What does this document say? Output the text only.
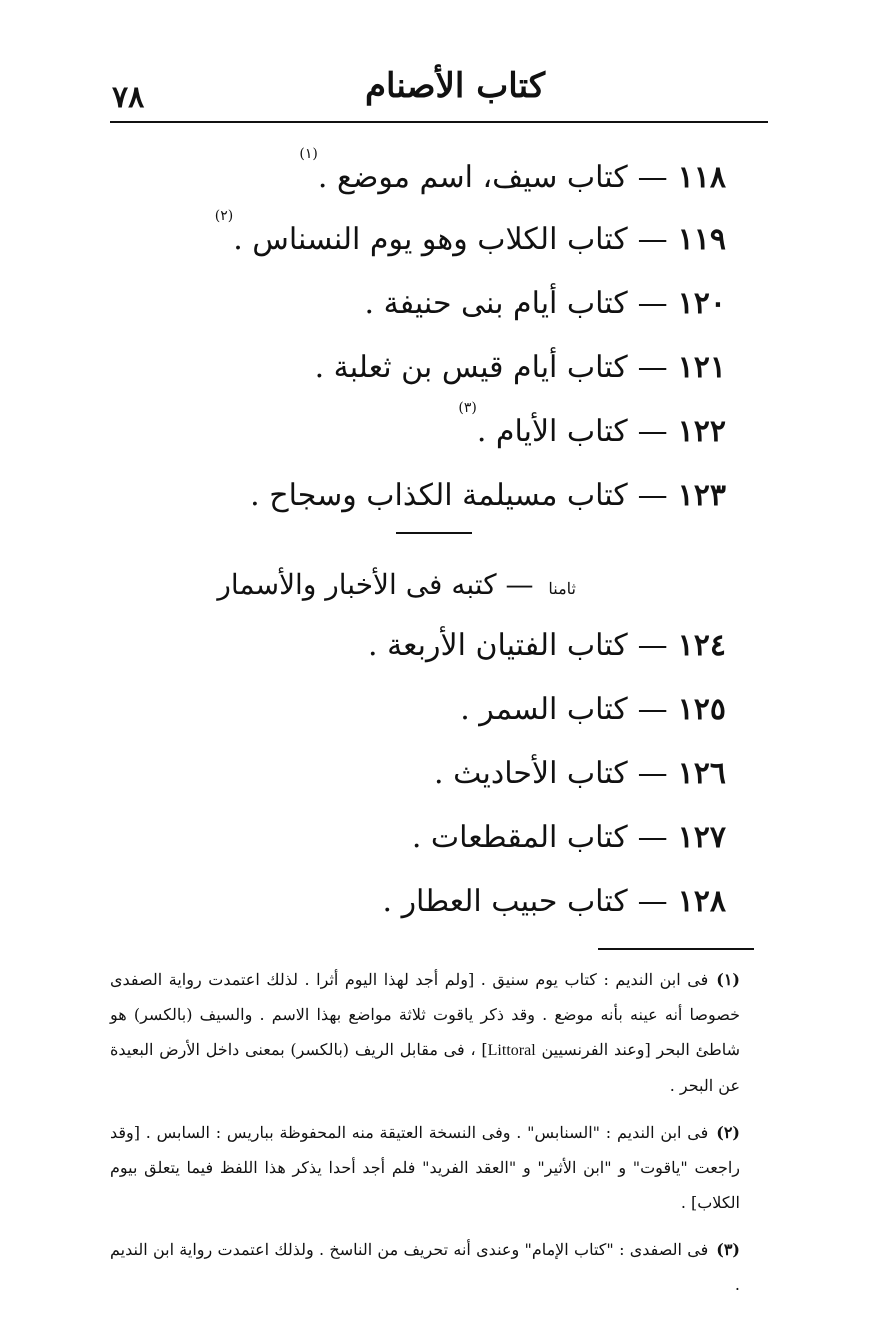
٧٨	كتاب الأصنام
١١٨—كتاب سيف، اسم موضع .$^{(١)}$
١١٩—كتاب الكلاب وهو يوم النسناس .$^{(٢)}$
١٢٠—كتاب أيام بنى حنيفة .
١٢١—كتاب أيام قيس بن ثعلبة .
١٢٢—كتاب الأيام .$^{(٣)}$
١٢٣—كتاب مسيلمة الكذاب وسجاح .
ثامنا — كتبه فى الأخبار والأسمار
١٢٤—كتاب الفتيان الأربعة .
١٢٥—كتاب السمر .
١٢٦—كتاب الأحاديث .
١٢٧—كتاب المقطعات .
١٢٨—كتاب حبيب العطار .
(١)فى ابن النديم : كتاب يوم سنيق . [ولم أجد لهذا اليوم أثرا . لذلك اعتمدت رواية الصفدى خصوصا أنه عينه بأنه موضع . وقد ذكر ياقوت ثلاثة مواضع بهذا الاسم . والسيف (بالكسر) هو شاطئ البحر [وعند الفرنسيين Littoral] ، فى مقابل الريف (بالكسر) بمعنى داخل الأرض البعيدة عن البحر .
(٢)فى ابن النديم : "السنابس" . وفى النسخة العتيقة منه المحفوظة بباريس : السابس . [وقد راجعت "ياقوت" و "ابن الأثير" و "العقد الفريد" فلم أجد أحدا يذكر هذا اللفظ فيما يتعلق بيوم الكلاب] .
(٣)فى الصفدى : "كتاب الإمام" وعندى أنه تحريف من الناسخ . ولذلك اعتمدت رواية ابن النديم .
